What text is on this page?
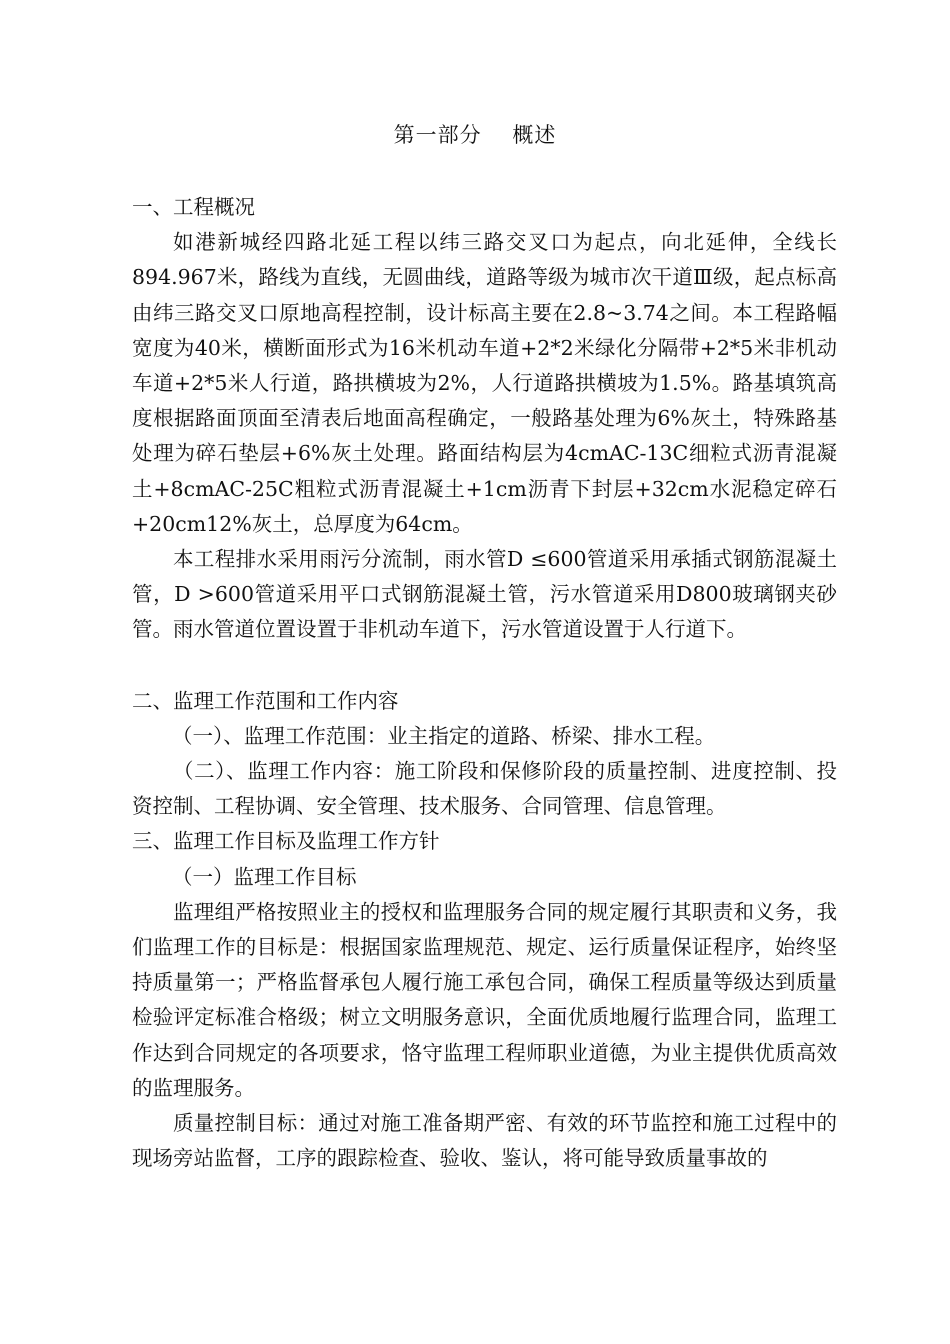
第一部分    概述

一、工程概况

如港新城经四路北延工程以纬三路交叉口为起点，向北延伸，全线长894.967米，路线为直线，无圆曲线，道路等级为城市次干道Ⅲ级，起点标高由纬三路交叉口原地高程控制，设计标高主要在2.8~3.74之间。本工程路幅宽度为40米，横断面形式为16米机动车道+2*2米绿化分隔带+2*5米非机动车道+2*5米人行道，路拱横坡为2%，人行道路拱横坡为1.5%。路基填筑高度根据路面顶面至清表后地面高程确定，一般路基处理为6%灰土，特殊路基处理为碎石垫层+6%灰土处理。路面结构层为4cmAC-13C细粒式沥青混凝土+8cmAC-25C粗粒式沥青混凝土+1cm沥青下封层+32cm水泥稳定碎石+20cm12%灰土，总厚度为64cm。

本工程排水采用雨污分流制，雨水管D ≤600管道采用承插式钢筋混凝土管，D >600管道采用平口式钢筋混凝土管，污水管道采用D800玻璃钢夹砂管。雨水管道位置设置于非机动车道下，污水管道设置于人行道下。

二、监理工作范围和工作内容

（一）、监理工作范围：业主指定的道路、桥梁、排水工程。

（二）、监理工作内容：施工阶段和保修阶段的质量控制、进度控制、投资控制、工程协调、安全管理、技术服务、合同管理、信息管理。

三、监理工作目标及监理工作方针

（一）监理工作目标

监理组严格按照业主的授权和监理服务合同的规定履行其职责和义务，我们监理工作的目标是：根据国家监理规范、规定、运行质量保证程序，始终坚持质量第一；严格监督承包人履行施工承包合同，确保工程质量等级达到质量检验评定标准合格级；树立文明服务意识，全面优质地履行监理合同，监理工作达到合同规定的各项要求，恪守监理工程师职业道德，为业主提供优质高效的监理服务。

质量控制目标：通过对施工准备期严密、有效的环节监控和施工过程中的现场旁站监督，工序的跟踪检查、验收、鉴认，将可能导致质量事故的
